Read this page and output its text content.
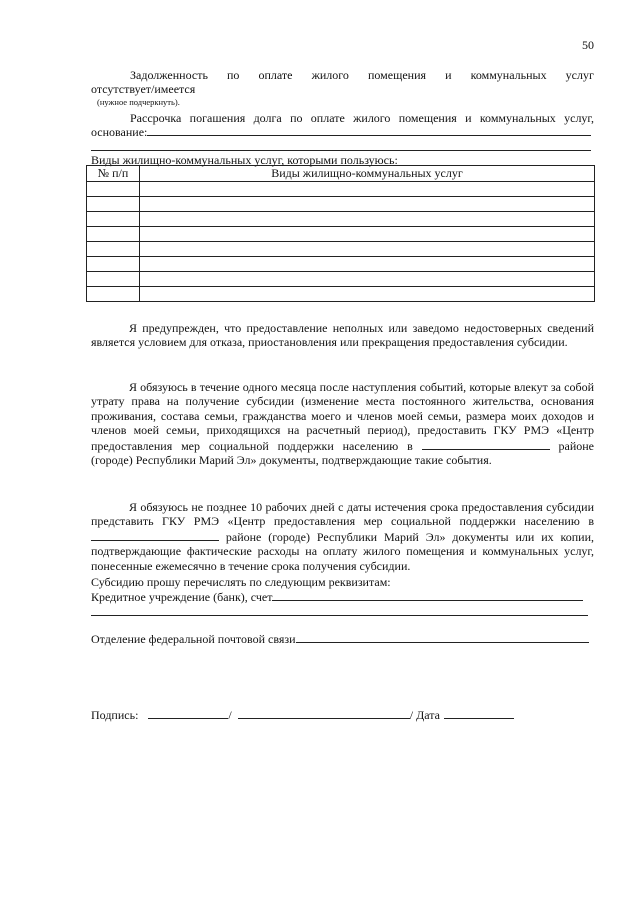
50
Задолженность по оплате жилого помещения и коммунальных услуг
отсутствует/имеется
(нужное подчеркнуть).
Рассрочка погашения долга по оплате жилого помещения и коммунальных услуг,
основание:
Виды жилищно-коммунальных услуг, которыми пользуюсь:
№ п/п	Виды жилищно-коммунальных услуг

Я предупрежден, что предоставление неполных или заведомо недостоверных сведений является условием для отказа, приостановления или прекращения предоставления субсидии.

Я обязуюсь в течение одного месяца после наступления событий, которые влекут за собой утрату права на получение субсидии (изменение места постоянного жительства, основания проживания, состава семьи, гражданства моего и членов моей семьи, размера моих доходов и членов моей семьи, приходящихся на расчетный период), предоставить ГКУ РМЭ «Центр предоставления мер социальной поддержки населению в	районе (городе) Республики Марий Эл» документы, подтверждающие такие события.

Я обязуюсь не позднее 10 рабочих дней с даты истечения срока предоставления субсидии представить ГКУ РМЭ «Центр предоставления мер социальной поддержки населению в  районе (городе) Республики Марий Эл» документы или их копии, подтверждающие фактические расходы на оплату жилого помещения и коммунальных услуг, понесенные ежемесячно в течение срока получения субсидии.

Субсидию прошу перечислять по следующим реквизитам:
Кредитное учреждение (банк), счет
Отделение федеральной почтовой связи
Подпись:	/	/ Дата
